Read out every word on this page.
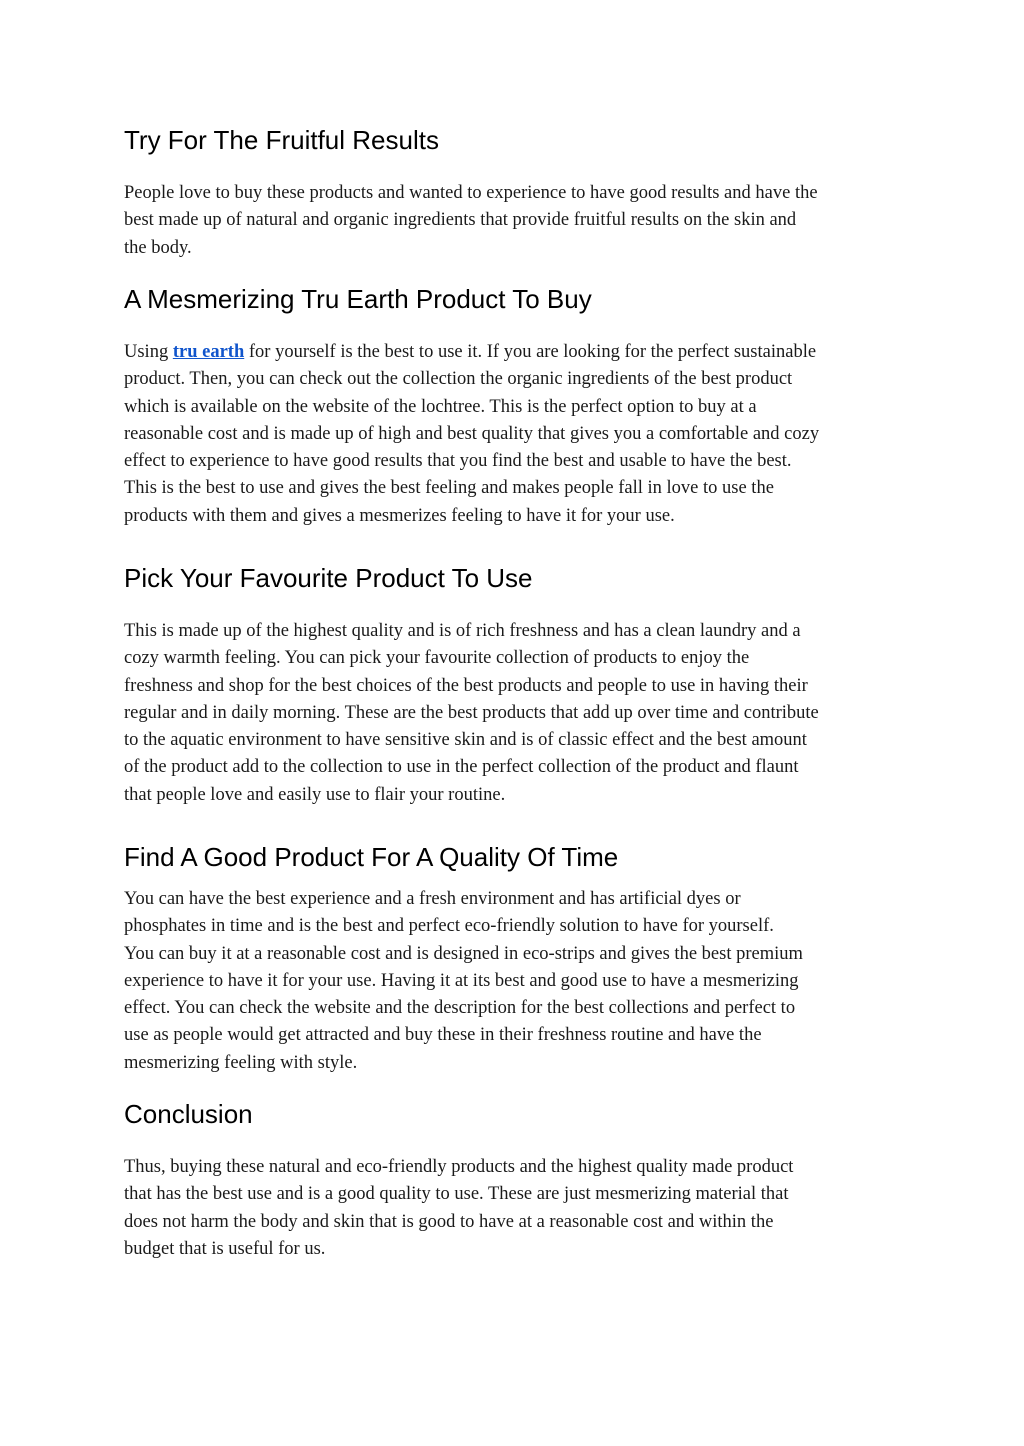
Try For The Fruitful Results

People love to buy these products and wanted to experience to have good results and have the
best made up of natural and organic ingredients that provide fruitful results on the skin and
the body.

A Mesmerizing Tru Earth Product To Buy

Using tru earth for yourself is the best to use it. If you are looking for the perfect sustainable
product. Then, you can check out the collection the organic ingredients of the best product
which is available on the website of the lochtree. This is the perfect option to buy at a
reasonable cost and is made up of high and best quality that gives you a comfortable and cozy
effect to experience to have good results that you find the best and usable to have the best.
This is the best to use and gives the best feeling and makes people fall in love to use the
products with them and gives a mesmerizes feeling to have it for your use.

Pick Your Favourite Product To Use

This is made up of the highest quality and is of rich freshness and has a clean laundry and a
cozy warmth feeling. You can pick your favourite collection of products to enjoy the
freshness and shop for the best choices of the best products and people to use in having their
regular and in daily morning. These are the best products that add up over time and contribute
to the aquatic environment to have sensitive skin and is of classic effect and the best amount
of the product add to the collection to use in the perfect collection of the product and flaunt
that people love and easily use to flair your routine.

Find A Good Product For A Quality Of Time

You can have the best experience and a fresh environment and has artificial dyes or
phosphates in time and is the best and perfect eco-friendly solution to have for yourself.
You can buy it at a reasonable cost and is designed in eco-strips and gives the best premium
experience to have it for your use. Having it at its best and good use to have a mesmerizing
effect. You can check the website and the description for the best collections and perfect to
use as people would get attracted and buy these in their freshness routine and have the
mesmerizing feeling with style.

Conclusion

Thus, buying these natural and eco-friendly products and the highest quality made product
that has the best use and is a good quality to use. These are just mesmerizing material that
does not harm the body and skin that is good to have at a reasonable cost and within the
budget that is useful for us.
